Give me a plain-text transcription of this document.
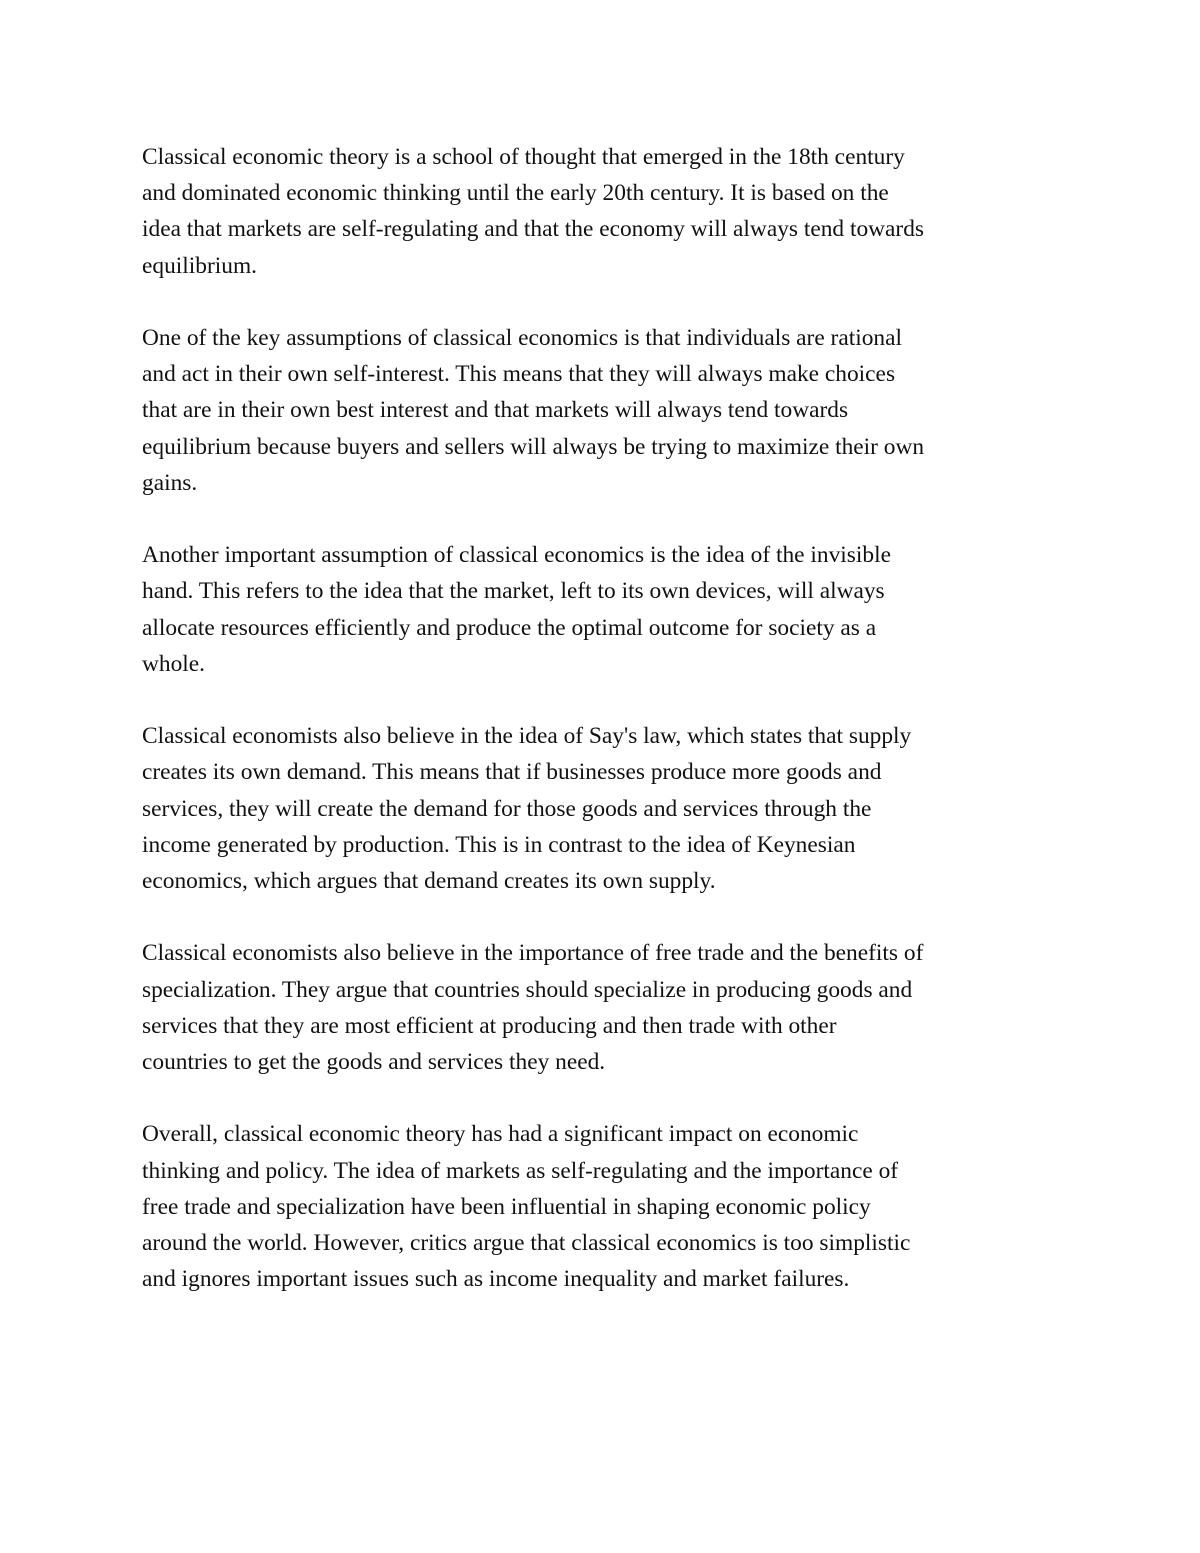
Classical economic theory is a school of thought that emerged in the 18th century
and dominated economic thinking until the early 20th century. It is based on the
idea that markets are self-regulating and that the economy will always tend towards
equilibrium.

One of the key assumptions of classical economics is that individuals are rational
and act in their own self-interest. This means that they will always make choices
that are in their own best interest and that markets will always tend towards
equilibrium because buyers and sellers will always be trying to maximize their own
gains.

Another important assumption of classical economics is the idea of the invisible
hand. This refers to the idea that the market, left to its own devices, will always
allocate resources efficiently and produce the optimal outcome for society as a
whole.

Classical economists also believe in the idea of Say's law, which states that supply
creates its own demand. This means that if businesses produce more goods and
services, they will create the demand for those goods and services through the
income generated by production. This is in contrast to the idea of Keynesian
economics, which argues that demand creates its own supply.

Classical economists also believe in the importance of free trade and the benefits of
specialization. They argue that countries should specialize in producing goods and
services that they are most efficient at producing and then trade with other
countries to get the goods and services they need.

Overall, classical economic theory has had a significant impact on economic
thinking and policy. The idea of markets as self-regulating and the importance of
free trade and specialization have been influential in shaping economic policy
around the world. However, critics argue that classical economics is too simplistic
and ignores important issues such as income inequality and market failures.
